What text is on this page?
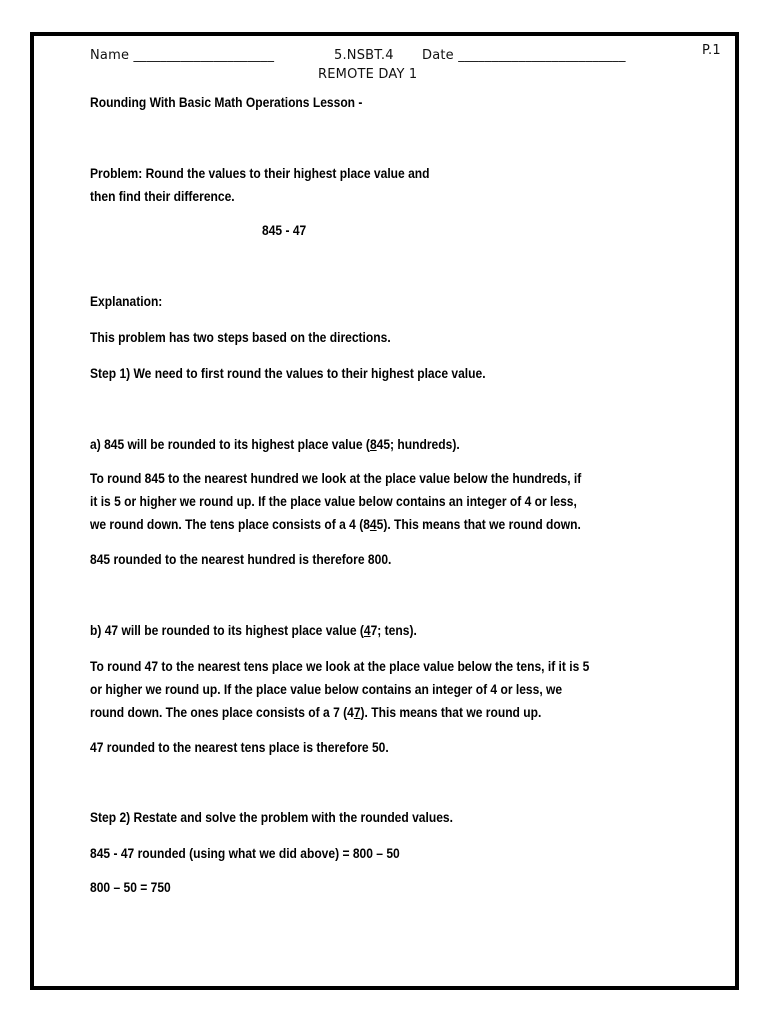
Name _____________________	5.NSBT.4 Date _________________________	P.1
REMOTE DAY 1
Rounding With Basic Math Operations Lesson -
Problem: Round the values to their highest place value and
then find their difference.
845 - 47
Explanation:
This problem has two steps based on the directions.
Step 1) We need to first round the values to their highest place value.
a) 845 will be rounded to its highest place value (845; hundreds).
To round 845 to the nearest hundred we look at the place value below the hundreds, if
it is 5 or higher we round up. If the place value below contains an integer of 4 or less,
we round down. The tens place consists of a 4 (845). This means that we round down.
845 rounded to the nearest hundred is therefore 800.
b) 47 will be rounded to its highest place value (47; tens).
To round 47 to the nearest tens place we look at the place value below the tens, if it is 5
or higher we round up. If the place value below contains an integer of 4 or less, we
round down. The ones place consists of a 7 (47). This means that we round up.
47 rounded to the nearest tens place is therefore 50.
Step 2) Restate and solve the problem with the rounded values.
845 - 47 rounded (using what we did above) = 800 – 50
800 – 50 = 750
